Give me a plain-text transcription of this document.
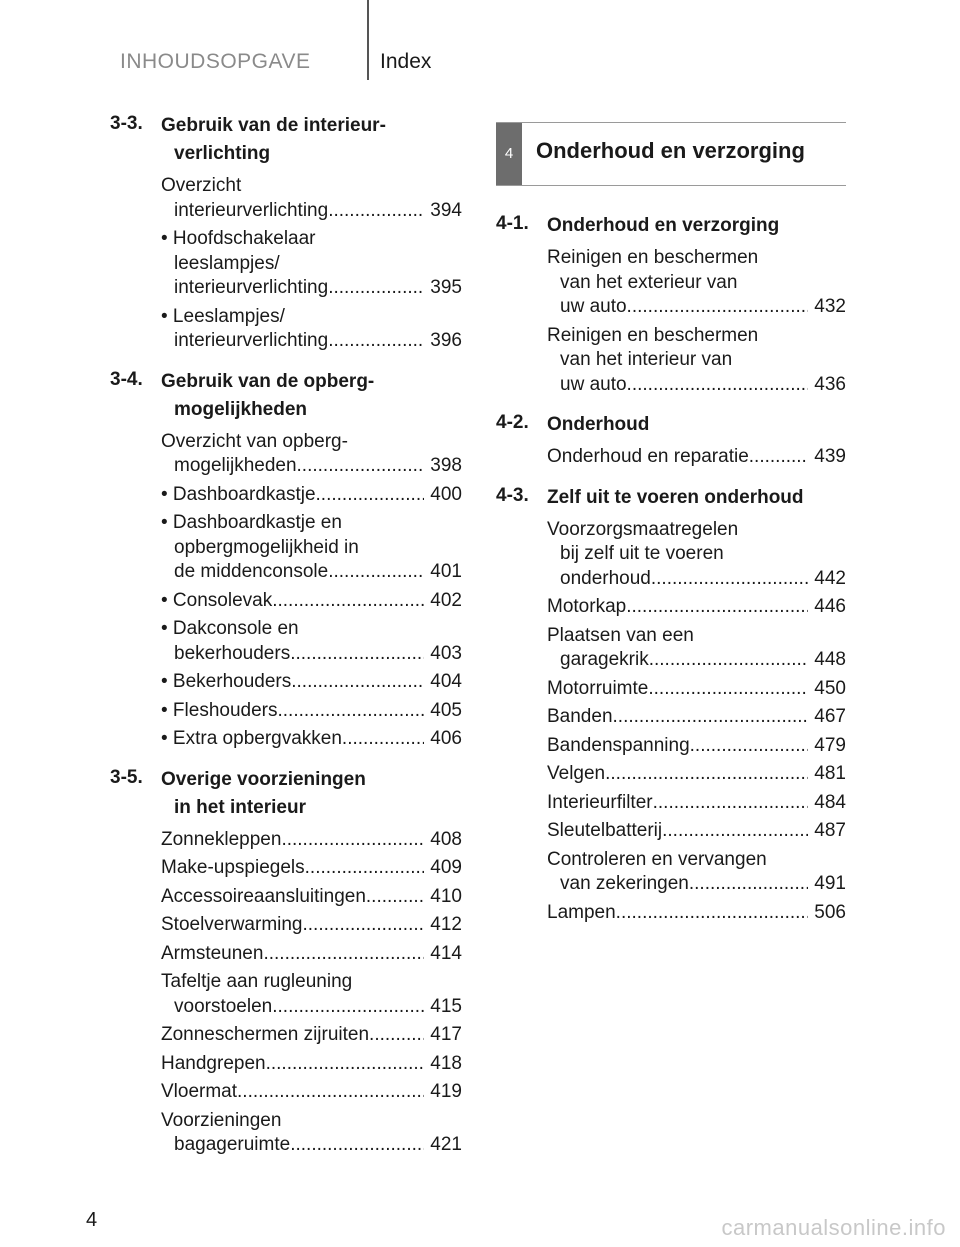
INHOUDSOPGAVE	Index
3-3. Gebruik van de interieur-
verlichting
Overzicht
interieurverlichting .....	394
• Hoofdschakelaar
leeslampjes/
interieurverlichting .....	395
• Leeslampjes/
interieurverlichting .....	396
3-4. Gebruik van de opberg-
mogelijkheden
Overzicht van opberg-
mogelijkheden .....	398
• Dashboardkastje .....	400
• Dashboardkastje en
opbergmogelijkheid in
de middenconsole .....	401
• Consolevak .....	402
• Dakconsole en
bekerhouders .....	403
• Bekerhouders .....	404
• Fleshouders .....	405
• Extra opbergvakken .....	406
3-5. Overige voorzieningen
in het interieur
Zonnekleppen .....	408
Make-upspiegels .....	409
Accessoireaansluitingen .....	410
Stoelverwarming .....	412
Armsteunen .....	414
Tafeltje aan rugleuning
voorstoelen .....	415
Zonneschermen zijruiten .....	417
Handgrepen .....	418
Vloermat .....	419
Voorzieningen
bagageruimte .....	421
4	Onderhoud en verzorging
4-1. Onderhoud en verzorging
Reinigen en beschermen
van het exterieur van
uw auto .....	432
Reinigen en beschermen
van het interieur van
uw auto .....	436
4-2. Onderhoud
Onderhoud en reparatie .....	439
4-3. Zelf uit te voeren onderhoud
Voorzorgsmaatregelen
bij zelf uit te voeren
onderhoud .....	442
Motorkap .....	446
Plaatsen van een
garagekrik .....	448
Motorruimte .....	450
Banden .....	467
Bandenspanning .....	479
Velgen .....	481
Interieurfilter .....	484
Sleutelbatterij .....	487
Controleren en vervangen
van zekeringen .....	491
Lampen .....	506
4	carmanualsonline.info
